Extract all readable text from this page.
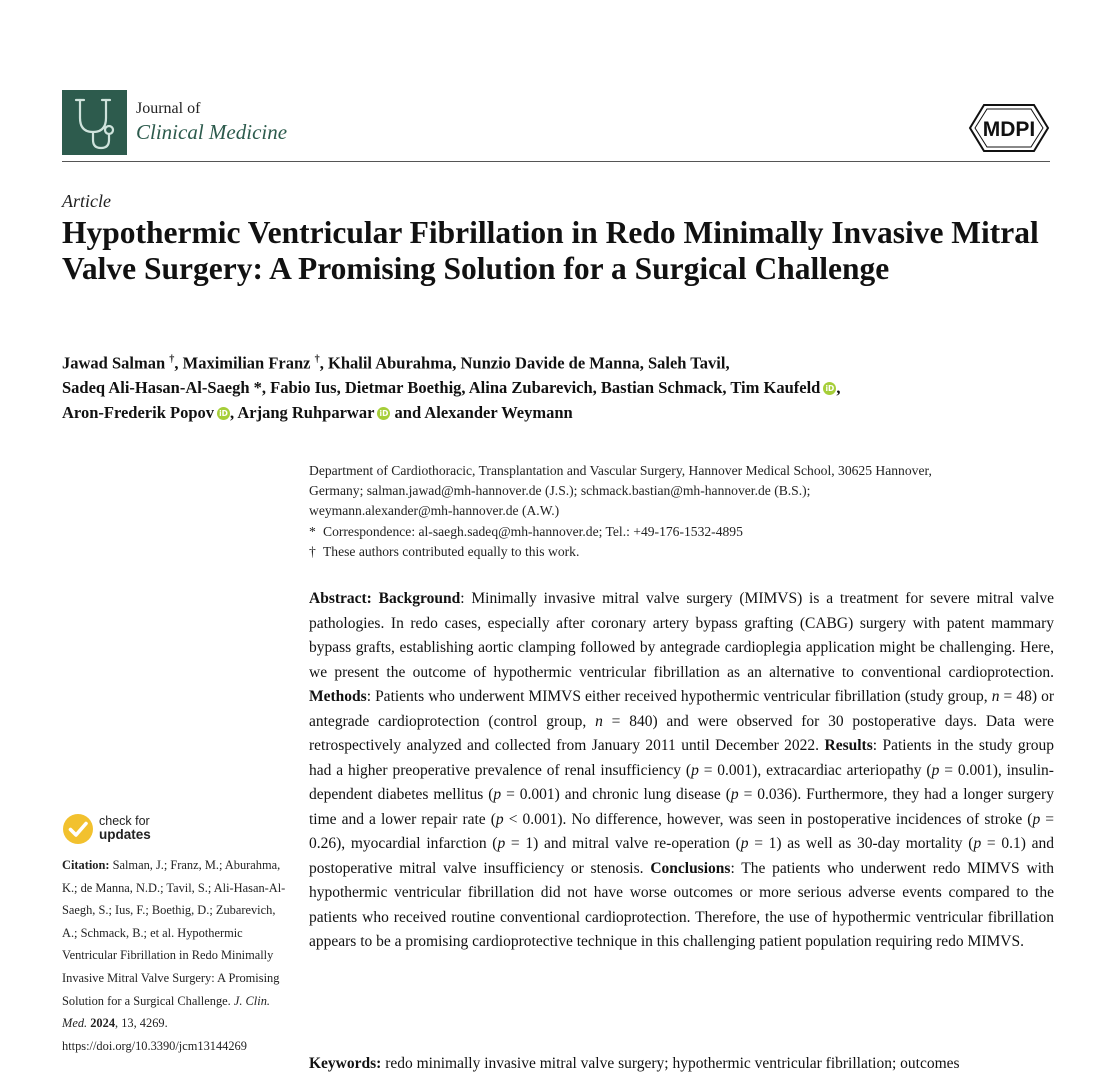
Journal of
Clinical Medicine	MDPI
Article
Hypothermic Ventricular Fibrillation in Redo Minimally Invasive Mitral Valve Surgery: A Promising Solution for a Surgical Challenge
Jawad Salman †, Maximilian Franz †, Khalil Aburahma, Nunzio Davide de Manna, Saleh Tavil,
Sadeq Ali-Hasan-Al-Saegh *, Fabio Ius, Dietmar Boethig, Alina Zubarevich, Bastian Schmack, Tim Kaufeld iD ,
Aron-Frederik Popov iD , Arjang Ruhparwar iD and Alexander Weymann
Department of Cardiothoracic, Transplantation and Vascular Surgery, Hannover Medical School, 30625 Hannover,
Germany; salman.jawad@mh-hannover.de (J.S.); schmack.bastian@mh-hannover.de (B.S.);
weymann.alexander@mh-hannover.de (A.W.)
* Correspondence: al-saegh.sadeq@mh-hannover.de; Tel.: +49-176-1532-4895
† These authors contributed equally to this work.
Abstract: Background: Minimally invasive mitral valve surgery (MIMVS) is a treatment for severe mitral valve pathologies. In redo cases, especially after coronary artery bypass grafting (CABG) surgery with patent mammary bypass grafts, establishing aortic clamping followed by antegrade cardioplegia application might be challenging. Here, we present the outcome of hypothermic ventricular fibrillation as an alternative to conventional cardioprotection. Methods: Patients who underwent MIMVS either received hypothermic ventricular fibrillation (study group, n = 48) or antegrade cardioprotection (control group, n = 840) and were observed for 30 postoperative days. Data were retrospectively analyzed and collected from January 2011 until December 2022. Results: Patients in the study group had a higher preoperative prevalence of renal insufficiency (p = 0.001), extracardiac arteriopathy (p = 0.001), insulin-dependent diabetes mellitus (p = 0.001) and chronic lung disease (p = 0.036). Furthermore, they had a longer surgery time and a lower repair rate (p < 0.001). No difference, however, was seen in postoperative incidences of stroke (p = 0.26), myocardial infarction (p = 1) and mitral valve re-operation (p = 1) as well as 30-day mortality (p = 0.1) and postoperative mitral valve insufficiency or stenosis. Conclusions: The patients who underwent redo MIMVS with hypothermic ventricular fibrillation did not have worse outcomes or more serious adverse events compared to the patients who received routine conventional cardioprotection. Therefore, the use of hypothermic ventricular fibrillation appears to be a promising cardioprotective technique in this challenging patient population requiring redo MIMVS.
Keywords: redo minimally invasive mitral valve surgery; hypothermic ventricular fibrillation; outcomes
check for
updates
Citation: Salman, J.; Franz, M.; Aburahma, K.; de Manna, N.D.; Tavil, S.; Ali-Hasan-Al-Saegh, S.; Ius, F.; Boethig, D.; Zubarevich, A.; Schmack, B.; et al. Hypothermic Ventricular Fibrillation in Redo Minimally Invasive Mitral Valve Surgery: A Promising Solution for a Surgical Challenge. J. Clin. Med. 2024, 13, 4269. https://doi.org/10.3390/jcm13144269
